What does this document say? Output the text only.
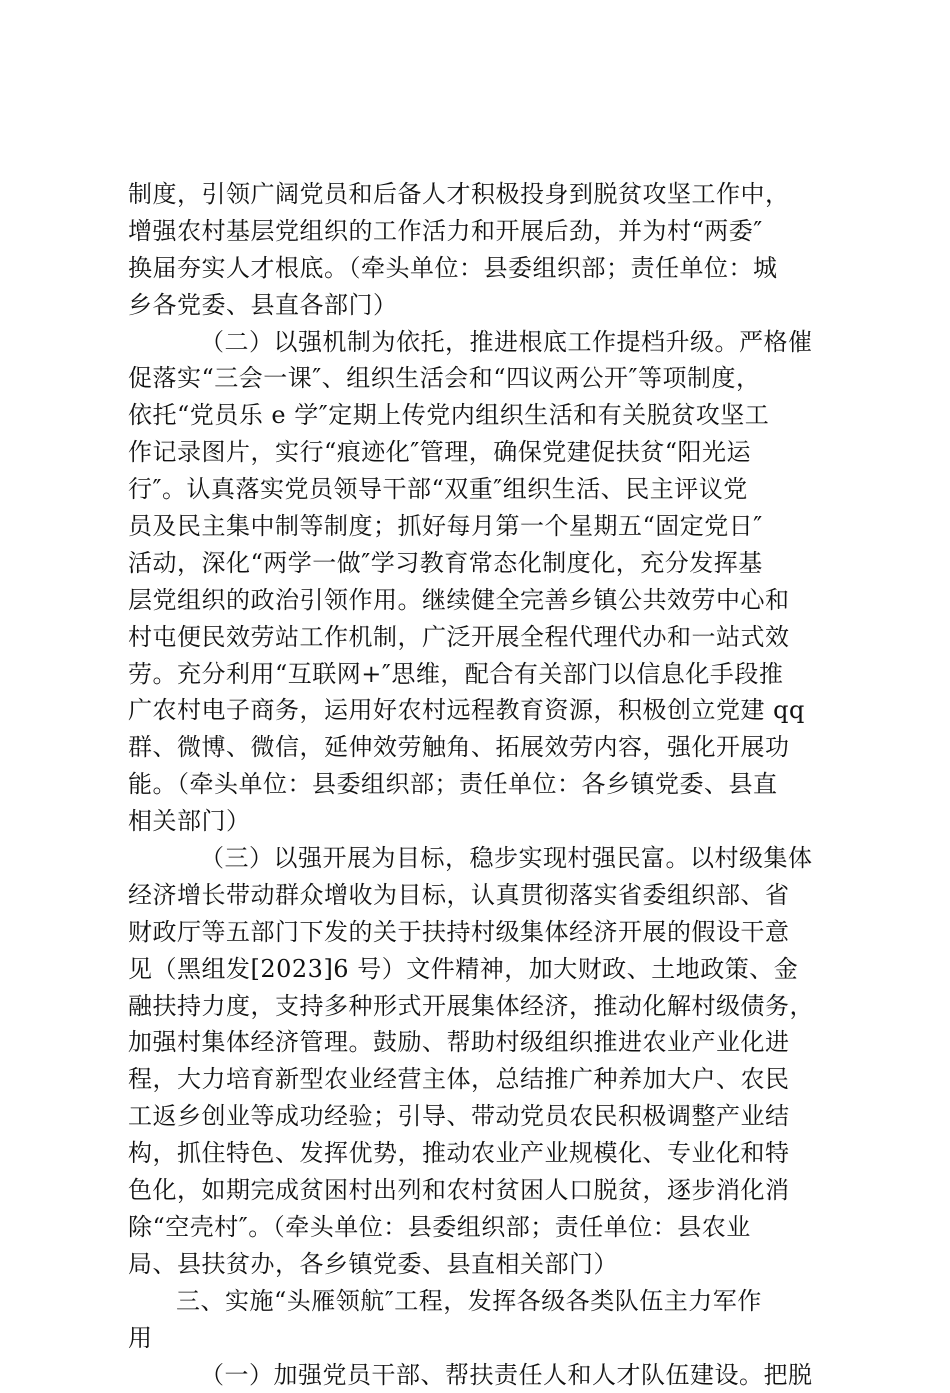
制度，引领广阔党员和后备人才积极投身到脱贫攻坚工作中，
增强农村基层党组织的工作活力和开展后劲，并为村“两委″
换届夯实人才根底。（牵头单位：县委组织部；责任单位：城
乡各党委、县直各部门）
（二）以强机制为依托，推进根底工作提档升级。严格催
促落实“三会一课″、组织生活会和“四议两公开″等项制度，
依托“党员乐 e 学″定期上传党内组织生活和有关脱贫攻坚工
作记录图片，实行“痕迹化″管理，确保党建促扶贫“阳光运
行″。认真落实党员领导干部“双重″组织生活、民主评议党
员及民主集中制等制度；抓好每月第一个星期五“固定党日″
活动，深化“两学一做″学习教育常态化制度化，充分发挥基
层党组织的政治引领作用。继续健全完善乡镇公共效劳中心和
村屯便民效劳站工作机制，广泛开展全程代理代办和一站式效
劳。充分利用“互联网+″思维，配合有关部门以信息化手段推
广农村电子商务，运用好农村远程教育资源，积极创立党建 qq
群、微博、微信，延伸效劳触角、拓展效劳内容，强化开展功
能。（牵头单位：县委组织部；责任单位：各乡镇党委、县直
相关部门）
（三）以强开展为目标，稳步实现村强民富。以村级集体
经济增长带动群众增收为目标，认真贯彻落实省委组织部、省
财政厅等五部门下发的关于扶持村级集体经济开展的假设干意
见（黑组发[2023]6 号）文件精神，加大财政、土地政策、金
融扶持力度，支持多种形式开展集体经济，推动化解村级债务，
加强村集体经济管理。鼓励、帮助村级组织推进农业产业化进
程，大力培育新型农业经营主体，总结推广种养加大户、农民
工返乡创业等成功经验；引导、带动党员农民积极调整产业结
构，抓住特色、发挥优势，推动农业产业规模化、专业化和特
色化，如期完成贫困村出列和农村贫困人口脱贫，逐步消化消
除“空壳村″。（牵头单位：县委组织部；责任单位：县农业
局、县扶贫办，各乡镇党委、县直相关部门）
三、实施“头雁领航″工程，发挥各级各类队伍主力军作
用
（一）加强党员干部、帮扶责任人和人才队伍建设。把脱
